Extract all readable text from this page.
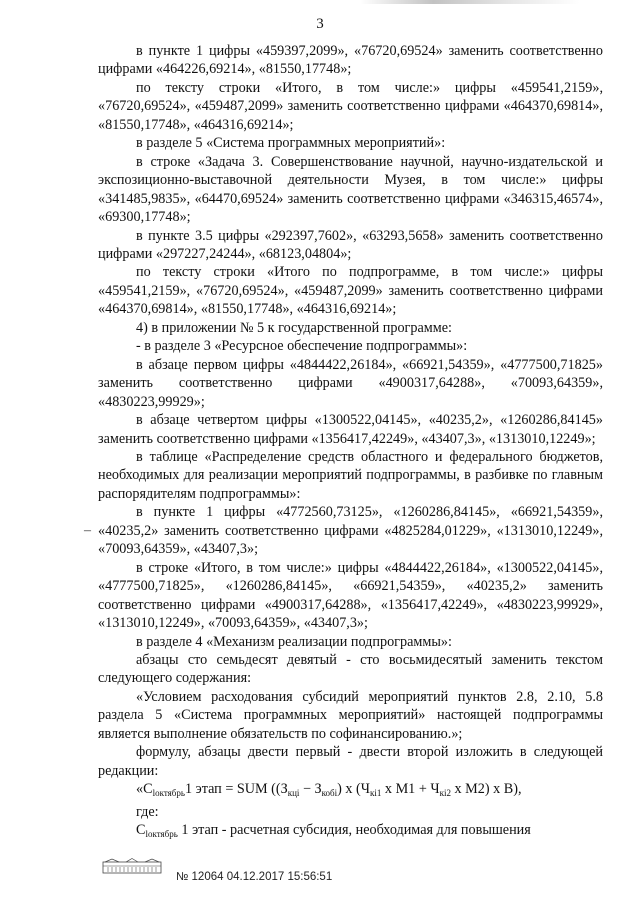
3
–

в пункте 1 цифры «459397,2099», «76720,69524» заменить соответственно цифрами «464226,69214», «81550,17748»;

по тексту строки «Итого, в том числе:» цифры «459541,2159», «76720,69524», «459487,2099» заменить соответственно цифрами «464370,69814», «81550,17748», «464316,69214»;

в разделе 5 «Система программных мероприятий»:

в строке «Задача 3. Совершенствование научной, научно-издательской и экспозиционно-выставочной деятельности Музея, в том числе:» цифры «341485,9835», «64470,69524» заменить соответственно цифрами «346315,46574», «69300,17748»;

в пункте 3.5 цифры «292397,7602», «63293,5658» заменить соответственно цифрами «297227,24244», «68123,04804»;

по тексту строки «Итого по подпрограмме, в том числе:» цифры «459541,2159», «76720,69524», «459487,2099» заменить соответственно цифрами «464370,69814», «81550,17748», «464316,69214»;

4) в приложении № 5 к государственной программе:

- в разделе 3 «Ресурсное обеспечение подпрограммы»:

в абзаце первом цифры «4844422,26184», «66921,54359», «4777500,71825» заменить соответственно цифрами «4900317,64288», «70093,64359», «4830223,99929»;

в абзаце четвертом цифры «1300522,04145», «40235,2», «1260286,84145» заменить соответственно цифрами «1356417,42249», «43407,3», «1313010,12249»;

в таблице «Распределение средств областного и федерального бюджетов, необходимых для реализации мероприятий подпрограммы, в разбивке по главным распорядителям подпрограммы»:

в пункте 1 цифры «4772560,73125», «1260286,84145», «66921,54359», «40235,2» заменить соответственно цифрами «4825284,01229», «1313010,12249», «70093,64359», «43407,3»;

в строке «Итого, в том числе:» цифры «4844422,26184», «1300522,04145», «4777500,71825», «1260286,84145», «66921,54359», «40235,2» заменить соответственно цифрами «4900317,64288», «1356417,42249», «4830223,99929», «1313010,12249», «70093,64359», «43407,3»;

в разделе 4 «Механизм реализации подпрограммы»:

абзацы сто семьдесят девятый - сто восьмидесятый заменить текстом следующего содержания:

«Условием расходования субсидий мероприятий пунктов 2.8, 2.10, 5.8 раздела 5 «Система программных мероприятий» настоящей подпрограммы является выполнение обязательств по софинансированию.»;

формулу, абзацы двести первый - двести второй изложить в следующей редакции:

«$C_{loктябрь}1$ этап = SUM ($(З_{кці} - З_{кобі})$ x ($Ч_{кі1}$ x $M1 + Ч_{кі2}$ x M2) x B),

где:

$C_{loктябрь}$ 1 этап - расчетная субсидия, необходимая для повышения

№ 12064 04.12.2017 15:56:51
